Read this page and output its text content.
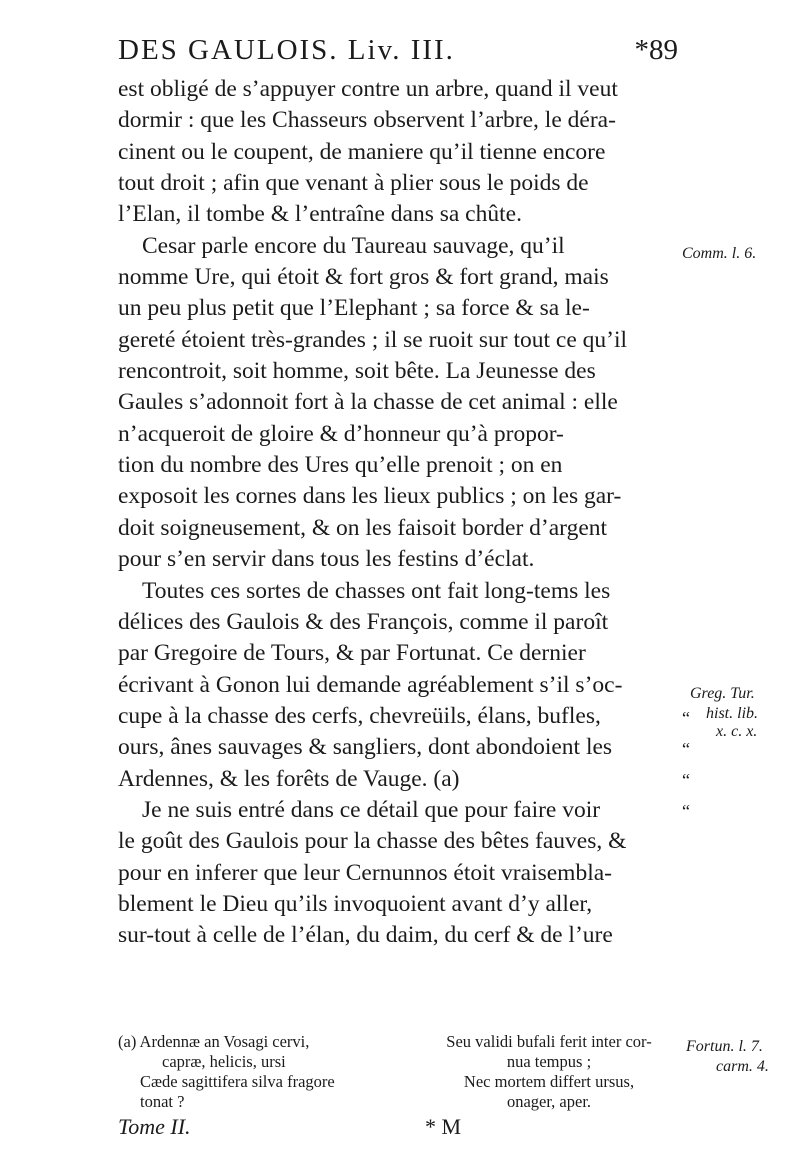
DES GAULOIS. Liv. III.	*89
est obligé de s’appuyer contre un arbre, quand il veut
dormir : que les Chasseurs observent l’arbre, le déra-
cinent ou le coupent, de maniere qu’il tienne encore
tout droit ; afin que venant à plier sous le poids de
l’Elan, il tombe & l’entraîne dans sa chûte.
Cesar parle encore du Taureau sauvage, qu’il
nomme Ure, qui étoit & fort gros & fort grand, mais
un peu plus petit que l’Elephant ; sa force & sa le-
gereté étoient très-grandes ; il se ruoit sur tout ce qu’il
rencontroit, soit homme, soit bête. La Jeunesse des
Gaules s’adonnoit fort à la chasse de cet animal : elle
n’acqueroit de gloire & d’honneur qu’à propor-
tion du nombre des Ures qu’elle prenoit ; on en
exposoit les cornes dans les lieux publics ; on les gar-
doit soigneusement, & on les faisoit border d’argent
pour s’en servir dans tous les festins d’éclat.
Toutes ces sortes de chasses ont fait long-tems les
délices des Gaulois & des François, comme il paroît
par Gregoire de Tours, & par Fortunat. Ce dernier
écrivant à Gonon lui demande agréablement s’il s’oc-
cupe à la chasse des cerfs, chevreüils, élans, bufles,
ours, ânes sauvages & sangliers, dont abondoient les
Ardennes, & les forêts de Vauge. (a)
Je ne suis entré dans ce détail que pour faire voir
le goût des Gaulois pour la chasse des bêtes fauves, &
pour en inferer que leur Cernunnos étoit vraisembla-
blement le Dieu qu’ils invoquoient avant d’y aller,
sur-tout à celle de l’élan, du daim, du cerf & de l’ure
Comm. l. 6.
Greg. Tur.
hist. lib.
x. c. x.
“
“
“
“
(a) Ardennæ an Vosagi cervi,
capræ, helicis, ursi
Cæde sagittifera silva fragore
tonat ?
Seu validi bufali ferit inter cor-
nua tempus ;
Nec mortem differt ursus,
onager, aper.
Fortun. l. 7.
carm. 4.
Tome II.	* M
